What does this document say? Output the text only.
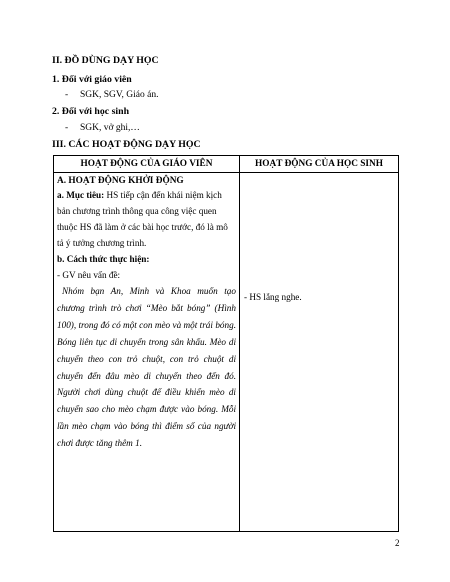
II. ĐỒ DÙNG DẠY HỌC
1. Đối với giáo viên
- SGK, SGV, Giáo án.
2. Đối với học sinh
- SGK, vở ghi,…
III. CÁC HOẠT ĐỘNG DẠY HỌC
HOẠT ĐỘNG CỦA GIÁO VIÊN	HOẠT ĐỘNG CỦA HỌC SINH

A. HOẠT ĐỘNG KHỞI ĐỘNG
a. Mục tiêu: HS tiếp cận đến khái niệm kịch bản chương trình thông qua công việc quen thuộc HS đã làm ở các bài học trước, đó là mô tả ý tưởng chương trình.
b. Cách thức thực hiện:
- GV nêu vấn đề:
Nhóm bạn An, Minh và Khoa muốn tạo chương trình trò chơi “Mèo bắt bóng” (Hình 100), trong đó có một con mèo và một trái bóng. Bóng liên tục di chuyển trong sân khấu. Mèo di chuyển theo con trỏ chuột, con trỏ chuột di chuyển đến đâu mèo di chuyển theo đến đó. Người chơi dùng chuột để điều khiển mèo di chuyển sao cho mèo chạm được vào bóng. Mỗi lần mèo chạm vào bóng thì điểm số của người chơi được tăng thêm 1.	- HS lắng nghe.
2
